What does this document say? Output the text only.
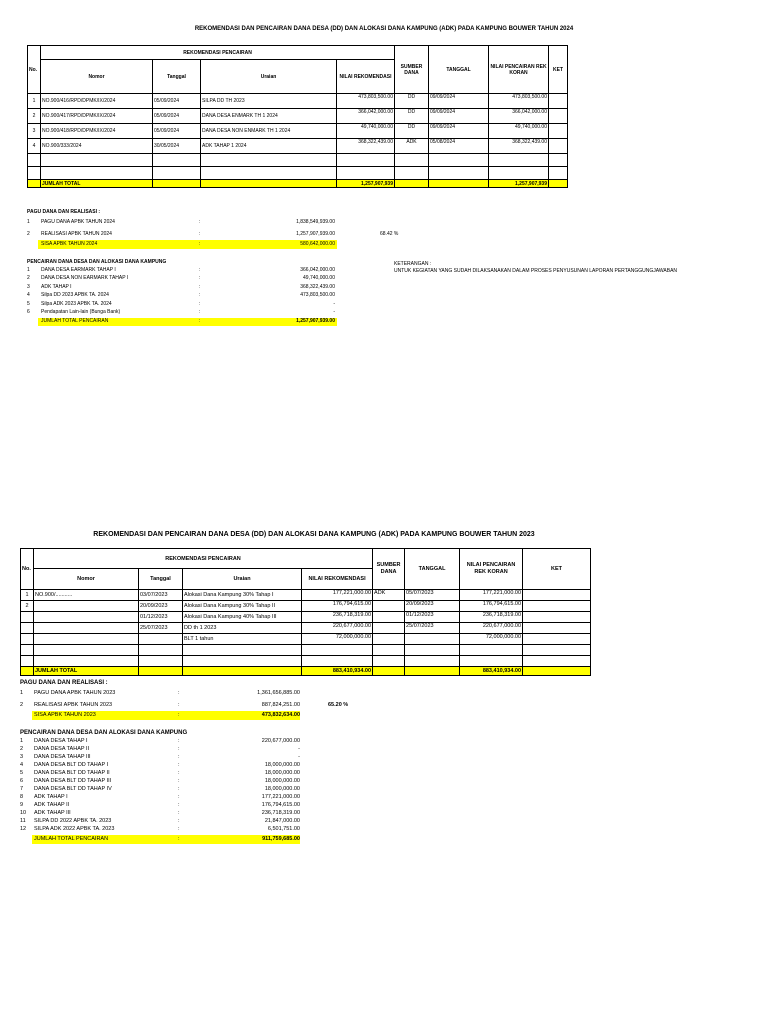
REKOMENDASI DAN PENCAIRAN DANA DESA (DD) DAN ALOKASI DANA KAMPUNG (ADK) PADA KAMPUNG BOUWER TAHUN 2024
No.	REKOMENDASI PENCAIRAN				SUMBER DANA	TANGGAL	NILAI PENCAIRAN REK KORAN	KET
	Nomor	Tanggal	Uraian	NILAI REKOMENDASI				
1	NO.900/416/RPD/DPMK/IX/2024	05/09/2024	SILPA DD TH 2023	473,803,500.00	DD	09/09/2024	473,803,500.00	
2	NO.900/417/RPD/DPMK/IX/2024	05/09/2024	DANA DESA ENMARK TH 1 2024	366,042,000.00	DD	09/09/2024	366,042,000.00	
3	NO.900/418/RPD/DPMK/IX/2024	05/09/2024	DANA DESA NON ENMARK TH 1 2024	49,740,000.00	DD	09/09/2024	49,740,000.00	
4	NO.900/333/2024	30/05/2024	ADK TAHAP 1 2024	368,322,439.00	ADK	05/08/2024	368,322,439.00	

	JUMLAH TOTAL			1,257,907,939			1,257,907,939	
PAGU DANA DAN REALISASI :
1 PAGU DANA APBK TAHUN 2024	:	1,838,549,939.00
2 REALISASI APBK TAHUN 2024	:	1,257,907,939.00	68.42 %
SISA APBK TAHUN 2024	:	580,642,000.00
PENCAIRAN DANA DESA DAN ALOKASI DANA KAMPUNG
1 DANA DESA EARMARK TAHAP I	:	366,042,000.00
2 DANA DESA NON EARMARK TAHAP I	:	49,740,000.00
3 ADK TAHAP I	:	368,322,439.00
4 Silpa DD 2023 APBK TA. 2024	:	473,803,500.00
5 Silpa ADK 2023 APBK TA. 2024	:	-
6 Pendapatan Lain-lain (Bunga Bank)	:	-
JUMLAH TOTAL PENCAIRAN	:	1,257,907,939.00
KETERANGAN :
UNTUK KEGIATAN YANG SUDAH DILAKSANAKAN DALAM PROSES PENYUSUNAN LAPORAN PERTANGGUNGJAWABAN
REKOMENDASI DAN PENCAIRAN DANA DESA (DD) DAN ALOKASI DANA KAMPUNG (ADK) PADA KAMPUNG BOUWER TAHUN 2023
No.	REKOMENDASI PENCAIRAN				SUMBER DANA	TANGGAL	NILAI PENCAIRAN REK KORAN	KET
	Nomor	Tanggal	Uraian	NILAI REKOMENDASI				
1	NO.900/...........	03/07/2023	Alokasi Dana Kampung 30% Tahap I	177,221,000.00	ADK	05/07/2023	177,221,000.00	
2		20/09/2023	Alokasi Dana Kampung 30% Tahap II	176,794,615.00		20/09/2023	176,794,615.00	
		01/12/2023	Alokasi Dana Kampung 40% Tahap III	236,718,319.00		01/12/2023	236,718,319.00	
		25/07/2023	DD th 1 2023	220,677,000.00		25/07/2023	220,677,000.00	
			BLT 1 tahun	72,000,000.00			72,000,000.00	

	JUMLAH TOTAL			883,410,934.00			883,410,934.00	
PAGU DANA DAN REALISASI :
1 PAGU DANA APBK TAHUN 2023	:	1,361,656,885.00
2 REALISASI APBK TAHUN 2023	:	887,824,251.00	65.20 %
SISA APBK TAHUN 2023	:	473,832,634.00
PENCAIRAN DANA DESA DAN ALOKASI DANA KAMPUNG
1 DANA DESA TAHAP I	:	220,677,000.00
2 DANA DESA TAHAP II	:	-
3 DANA DESA TAHAP III	:	-
4 DANA DESA BLT DD TAHAP I	:	18,000,000.00
5 DANA DESA BLT DD TAHAP II	:	18,000,000.00
6 DANA DESA BLT DD TAHAP III	:	18,000,000.00
7 DANA DESA BLT DD TAHAP IV	:	18,000,000.00
8 ADK TAHAP I	:	177,221,000.00
9 ADK TAHAP II	:	176,794,615.00
10 ADK TAHAP III	:	236,718,319.00
11 SILPA DD 2022 APBK TA. 2023	:	21,847,000.00
12 SILPA ADK 2022 APBK TA. 2023	:	6,501,751.00
JUMLAH TOTAL PENCAIRAN	:	911,759,685.00
